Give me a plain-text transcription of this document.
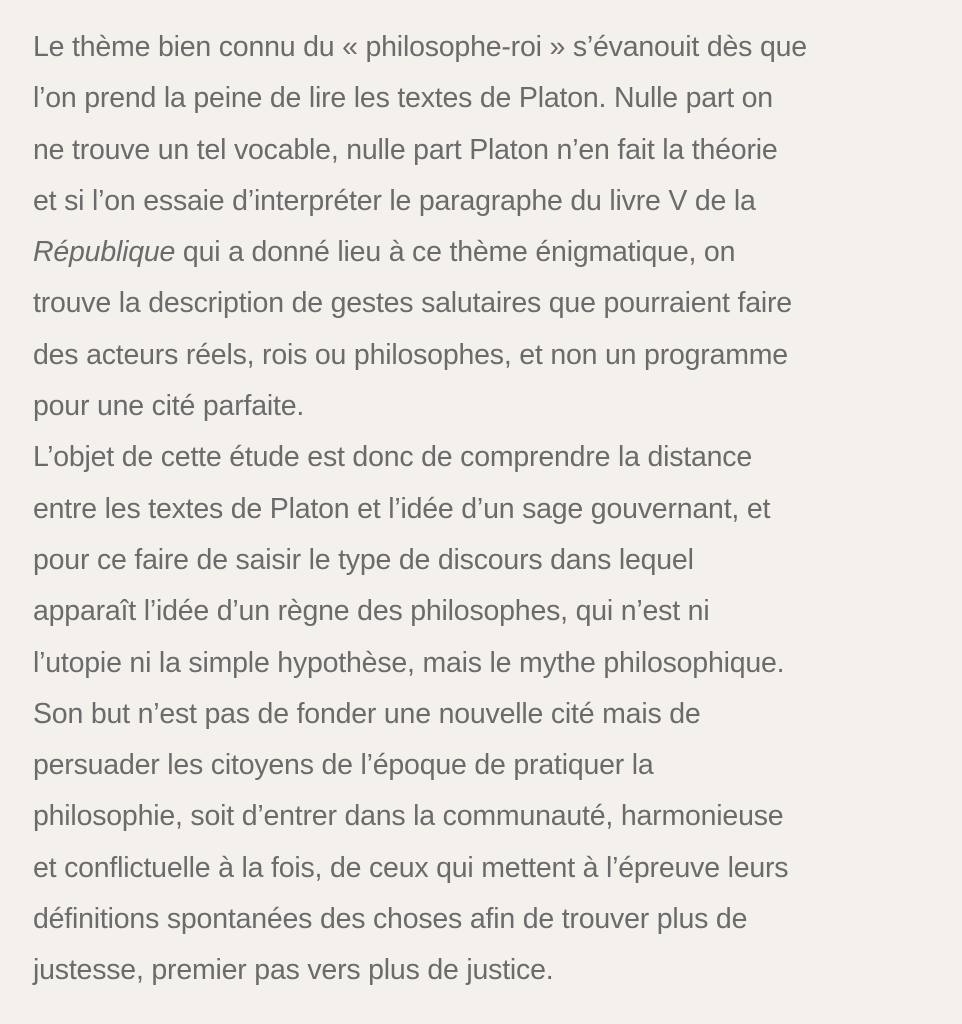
Le thème bien connu du « philosophe-roi » s’évanouit dès que
l’on prend la peine de lire les textes de Platon. Nulle part on
ne trouve un tel vocable, nulle part Platon n’en fait la théorie
et si l’on essaie d’interpréter le paragraphe du livre V de la
République qui a donné lieu à ce thème énigmatique, on
trouve la description de gestes salutaires que pourraient faire
des acteurs réels, rois ou philosophes, et non un programme
pour une cité parfaite.
L’objet de cette étude est donc de comprendre la distance
entre les textes de Platon et l’idée d’un sage gouvernant, et
pour ce faire de saisir le type de discours dans lequel
apparaît l’idée d’un règne des philosophes, qui n’est ni
l’utopie ni la simple hypothèse, mais le mythe philosophique.
Son but n’est pas de fonder une nouvelle cité mais de
persuader les citoyens de l’époque de pratiquer la
philosophie, soit d’entrer dans la communauté, harmonieuse
et conflictuelle à la fois, de ceux qui mettent à l’épreuve leurs
définitions spontanées des choses afin de trouver plus de
justesse, premier pas vers plus de justice.
